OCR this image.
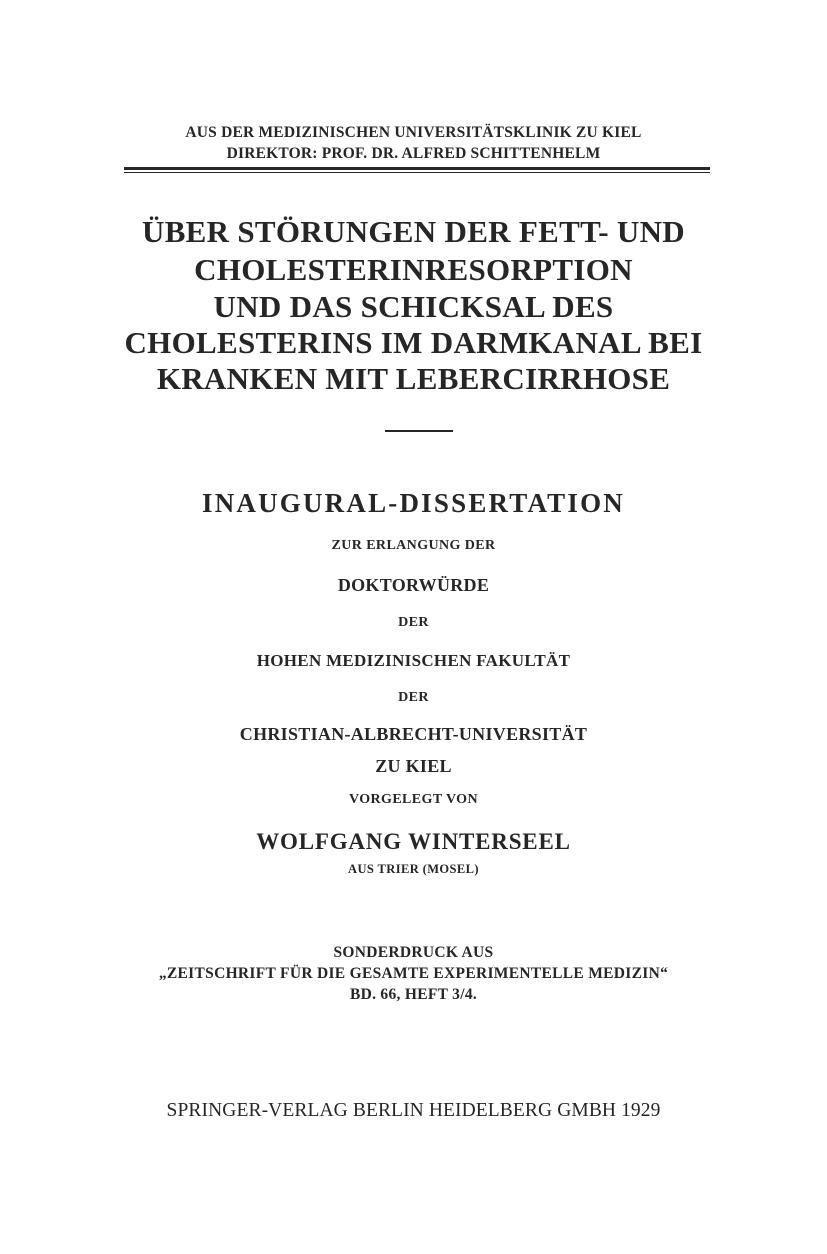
AUS DER MEDIZINISCHEN UNIVERSITÄTSKLINIK ZU KIEL
DIREKTOR: PROF. DR. ALFRED SCHITTENHELM
ÜBER STÖRUNGEN DER FETT- UND
CHOLESTERINRESORPTION
UND DAS SCHICKSAL DES
CHOLESTERINS IM DARMKANAL BEI
KRANKEN MIT LEBERCIRRHOSE
INAUGURAL-DISSERTATION
ZUR ERLANGUNG DER
DOKTORWÜRDE
DER
HOHEN MEDIZINISCHEN FAKULTÄT
DER
CHRISTIAN-ALBRECHT-UNIVERSITÄT
ZU KIEL
VORGELEGT VON
WOLFGANG WINTERSEEL
AUS TRIER (MOSEL)
SONDERDRUCK AUS
„ZEITSCHRIFT FÜR DIE GESAMTE EXPERIMENTELLE MEDIZIN“
BD. 66, HEFT 3/4.
SPRINGER-VERLAG BERLIN HEIDELBERG GMBH 1929
